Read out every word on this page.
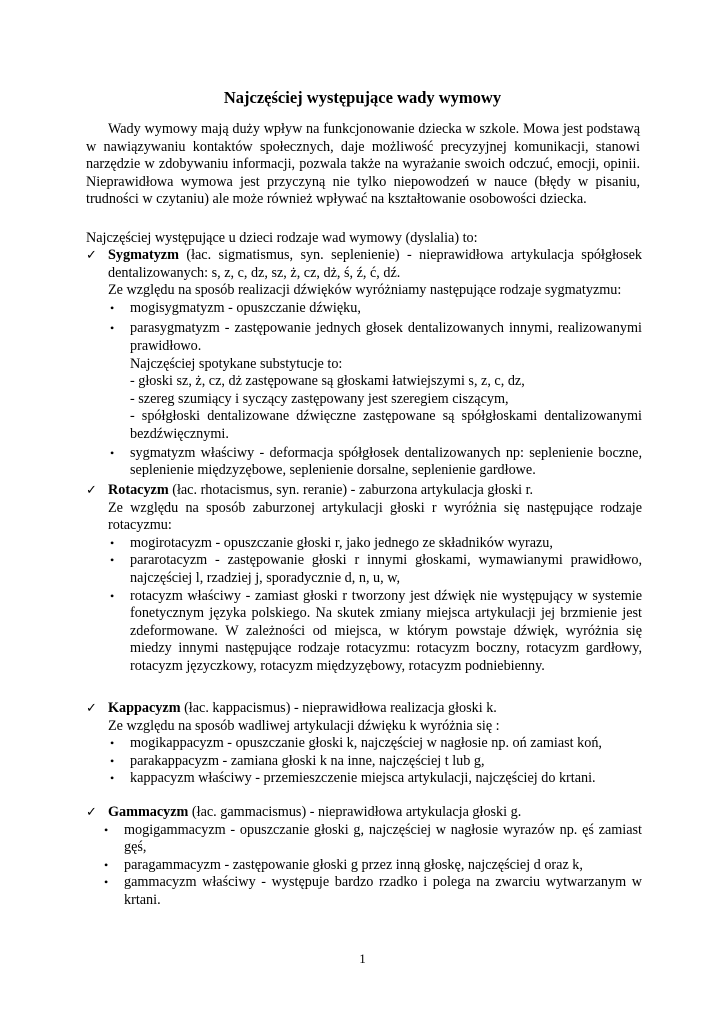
Najczęściej występujące wady wymowy

Wady wymowy mają duży wpływ na funkcjonowanie dziecka w szkole. Mowa jest podstawą w nawiązywaniu kontaktów społecznych, daje możliwość precyzyjnej komunikacji, stanowi narzędzie w zdobywaniu informacji, pozwala także na wyrażanie swoich odczuć, emocji, opinii. Nieprawidłowa wymowa jest przyczyną nie tylko niepowodzeń w nauce (błędy w pisaniu, trudności w czytaniu) ale może również wpływać na kształtowanie osobowości dziecka.

Najczęściej występujące u dzieci rodzaje wad wymowy (dyslalia) to:
✓ Sygmatyzm (łac. sigmatismus, syn. seplenienie) - nieprawidłowa artykulacja spółgłosek dentalizowanych: s, z, c, dz, sz, ż, cz, dż, ś, ź, ć, dź.
Ze względu na sposób realizacji dźwięków wyróżniamy następujące rodzaje sygmatyzmu:
• mogisygmatyzm - opuszczanie dźwięku,
• parasygmatyzm - zastępowanie jednych głosek dentalizowanych innymi, realizowanymi prawidłowo.
Najczęściej spotykane substytucje to:
- głoski sz, ż, cz, dż zastępowane są głoskami łatwiejszymi s, z, c, dz,
- szereg szumiący i syczący zastępowany jest szeregiem ciszącym,
- spółgłoski dentalizowane dźwięczne zastępowane są spółgłoskami dentalizowanymi bezdźwięcznymi.
• sygmatyzm właściwy - deformacja spółgłosek dentalizowanych np: seplenienie boczne, seplenienie międzyzębowe, seplenienie dorsalne, seplenienie gardłowe.
✓ Rotacyzm (łac. rhotacismus, syn. reranie) - zaburzona artykulacja głoski r.
Ze względu na sposób zaburzonej artykulacji głoski r wyróżnia się następujące rodzaje rotacyzmu:
• mogirotacyzm - opuszczanie głoski r, jako jednego ze składników wyrazu,
• pararotacyzm - zastępowanie głoski r innymi głoskami, wymawianymi prawidłowo, najczęściej l, rzadziej j, sporadycznie d, n, u, w,
• rotacyzm właściwy - zamiast głoski r tworzony jest dźwięk nie występujący w systemie fonetycznym języka polskiego. Na skutek zmiany miejsca artykulacji jej brzmienie jest zdeformowane. W zależności od miejsca, w którym powstaje dźwięk, wyróżnia się miedzy innymi następujące rodzaje rotacyzmu: rotacyzm boczny, rotacyzm gardłowy, rotacyzm języczkowy, rotacyzm międzyzębowy, rotacyzm podniebienny.
✓ Kappacyzm (łac. kappacismus) - nieprawidłowa realizacja głoski k.
Ze względu na sposób wadliwej artykulacji dźwięku k wyróżnia się :
• mogikappacyzm - opuszczanie głoski k, najczęściej w nagłosie np. oń zamiast koń,
• parakappacyzm - zamiana głoski k na inne, najczęściej t lub g,
• kappacyzm właściwy - przemieszczenie miejsca artykulacji, najczęściej do krtani.
✓ Gammacyzm (łac. gammacismus) - nieprawidłowa artykulacja głoski g.
• mogigammacyzm - opuszczanie głoski g, najczęściej w nagłosie wyrazów np. ęś zamiast gęś,
• paragammacyzm - zastępowanie głoski g przez inną głoskę, najczęściej d oraz k,
• gammacyzm właściwy - występuje bardzo rzadko i polega na zwarciu wytwarzanym w krtani.
1
